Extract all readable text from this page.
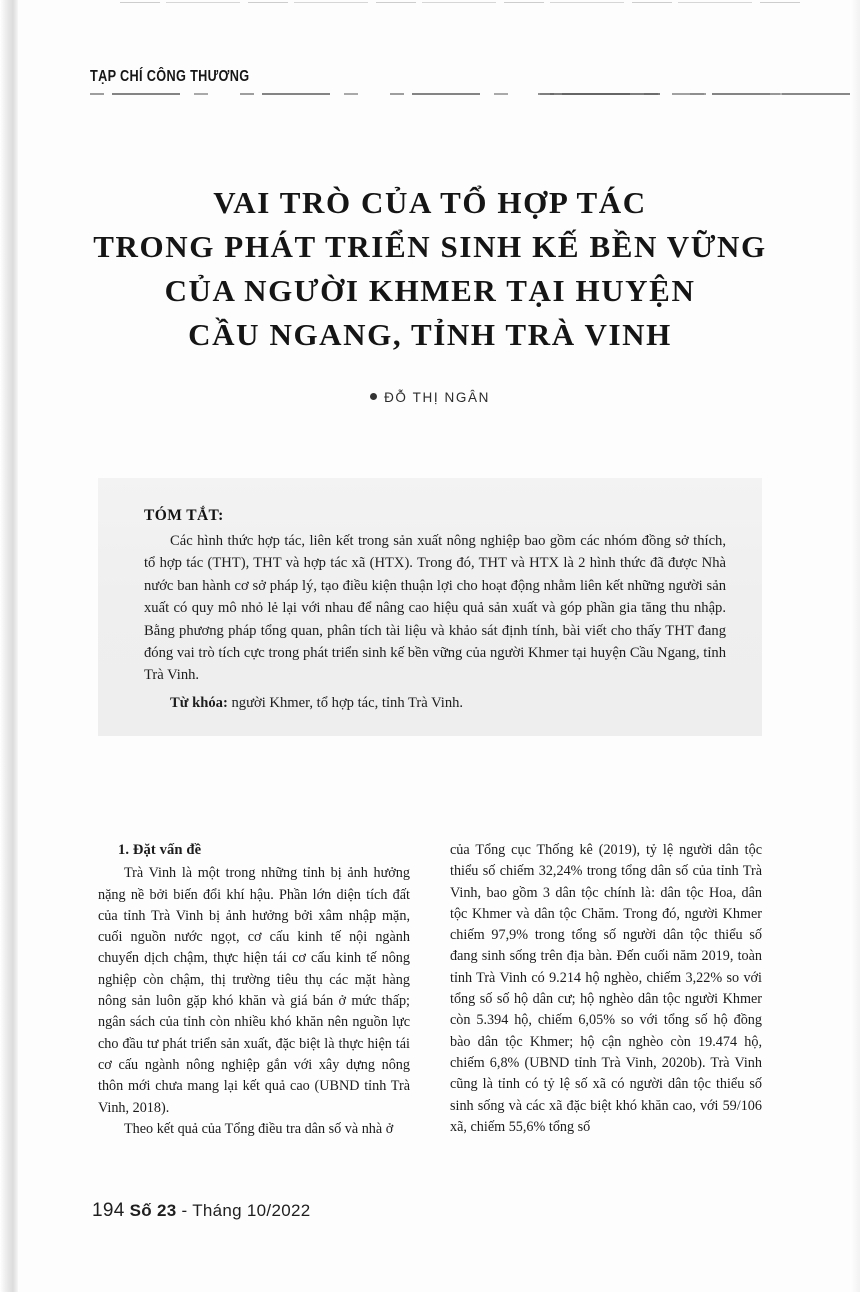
TẠP CHÍ CÔNG THƯƠNG
VAI TRÒ CỦA TỔ HỢP TÁC
TRONG PHÁT TRIỂN SINH KẾ BỀN VỮNG
CỦA NGƯỜI KHMER TẠI HUYỆN
CẦU NGANG, TỈNH TRÀ VINH
ĐỖ THỊ NGÂN
TÓM TẮT:

Các hình thức hợp tác, liên kết trong sản xuất nông nghiệp bao gồm các nhóm đồng sở thích, tổ hợp tác (THT), THT và hợp tác xã (HTX). Trong đó, THT và HTX là 2 hình thức đã được Nhà nước ban hành cơ sở pháp lý, tạo điều kiện thuận lợi cho hoạt động nhằm liên kết những người sản xuất có quy mô nhỏ lẻ lại với nhau để nâng cao hiệu quả sản xuất và góp phần gia tăng thu nhập. Bằng phương pháp tổng quan, phân tích tài liệu và khảo sát định tính, bài viết cho thấy THT đang đóng vai trò tích cực trong phát triển sinh kế bền vững của người Khmer tại huyện Cầu Ngang, tỉnh Trà Vinh.

Từ khóa: người Khmer, tổ hợp tác, tỉnh Trà Vinh.

1. Đặt vấn đề

Trà Vinh là một trong những tỉnh bị ảnh hưởng nặng nề bởi biến đổi khí hậu. Phần lớn diện tích đất của tỉnh Trà Vinh bị ảnh hưởng bởi xâm nhập mặn, cuối nguồn nước ngọt, cơ cấu kinh tế nội ngành chuyển dịch chậm, thực hiện tái cơ cấu kinh tế nông nghiệp còn chậm, thị trường tiêu thụ các mặt hàng nông sản luôn gặp khó khăn và giá bán ở mức thấp; ngân sách của tỉnh còn nhiều khó khăn nên nguồn lực cho đầu tư phát triển sản xuất, đặc biệt là thực hiện tái cơ cấu ngành nông nghiệp gắn với xây dựng nông thôn mới chưa mang lại kết quả cao (UBND tỉnh Trà Vinh, 2018).

Theo kết quả của Tổng điều tra dân số và nhà ở

của Tổng cục Thống kê (2019), tỷ lệ người dân tộc thiểu số chiếm 32,24% trong tổng dân số của tỉnh Trà Vinh, bao gồm 3 dân tộc chính là: dân tộc Hoa, dân tộc Khmer và dân tộc Chăm. Trong đó, người Khmer chiếm 97,9% trong tổng số người dân tộc thiểu số đang sinh sống trên địa bàn. Đến cuối năm 2019, toàn tỉnh Trà Vinh có 9.214 hộ nghèo, chiếm 3,22% so với tổng số số hộ dân cư; hộ nghèo dân tộc người Khmer còn 5.394 hộ, chiếm 6,05% so với tổng số hộ đồng bào dân tộc Khmer; hộ cận nghèo còn 19.474 hộ, chiếm 6,8% (UBND tỉnh Trà Vinh, 2020b). Trà Vinh cũng là tỉnh có tỷ lệ số xã có người dân tộc thiểu số sinh sống và các xã đặc biệt khó khăn cao, với 59/106 xã, chiếm 55,6% tổng số

194 Số 23 - Tháng 10/2022
